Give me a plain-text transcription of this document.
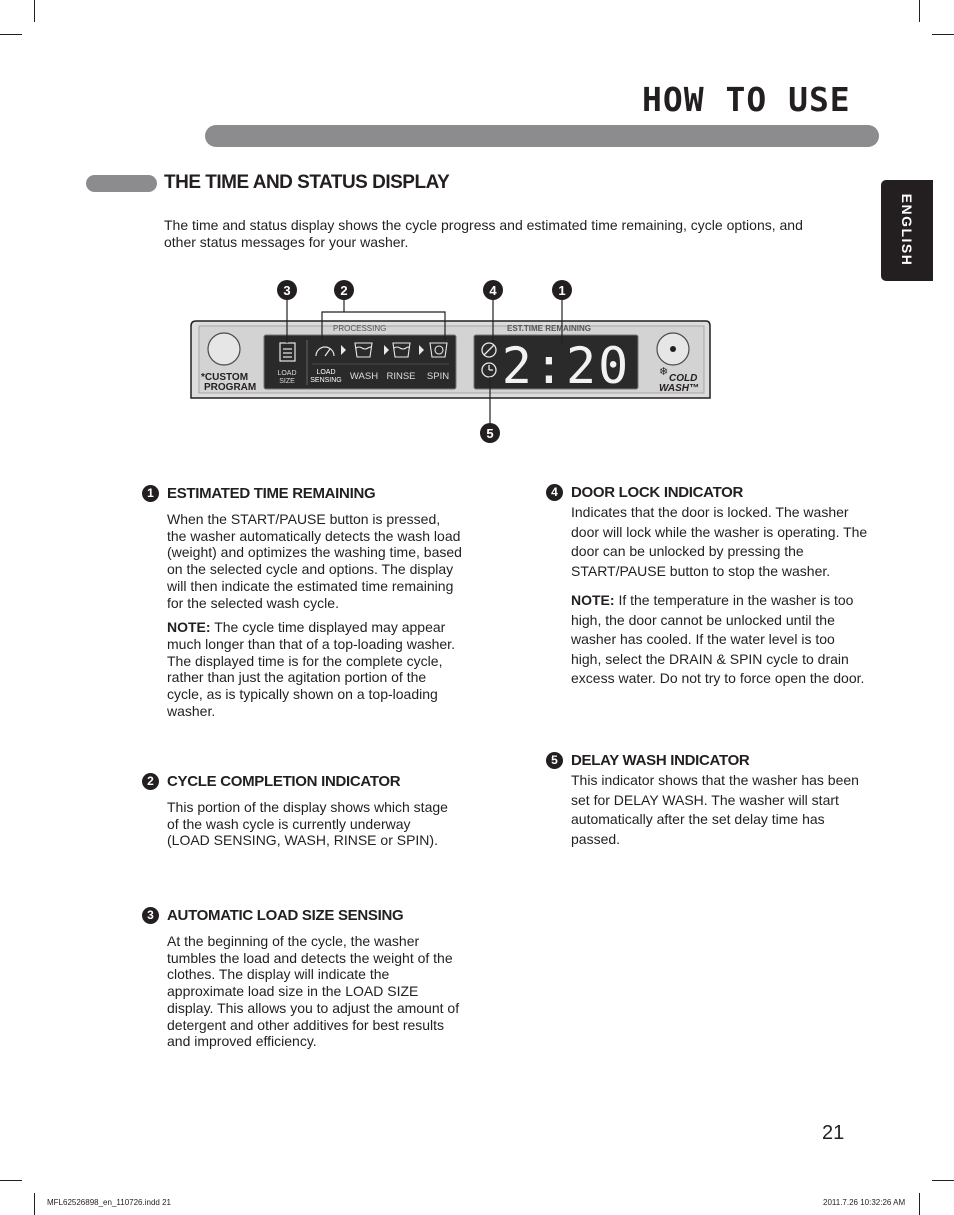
HOW TO USE
ENGLISH
THE TIME AND STATUS DISPLAY
The time and status display shows the cycle progress and estimated time remaining, cycle options, and other status messages for your washer.
*CUSTOM
PROGRAM
PROCESSING	EST.TIME REMAINING
LOAD
SIZE
LOAD
SENSING WASH RINSE SPIN 2:20	❄
COLD
WASH™
3	2	4	1
5
1 ESTIMATED TIME REMAINING
When the START/PAUSE button is pressed, the washer automatically detects the wash load (weight) and optimizes the washing time, based on the selected cycle and options. The display will then indicate the estimated time remaining for the selected wash cycle.
NOTE: The cycle time displayed may appear much longer than that of a top-loading washer. The displayed time is for the complete cycle, rather than just the agitation portion of the cycle, as is typically shown on a top-loading washer.
2 CYCLE COMPLETION INDICATOR
This portion of the display shows which stage of the wash cycle is currently underway (LOAD SENSING, WASH, RINSE or SPIN).
3 AUTOMATIC LOAD SIZE SENSING
At the beginning of the cycle, the washer tumbles the load and detects the weight of the clothes. The display will indicate the approximate load size in the LOAD SIZE display. This allows you to adjust the amount of detergent and other additives for best results and improved efficiency.
4 DOOR LOCK INDICATOR
Indicates that the door is locked. The washer door will lock while the washer is operating. The door can be unlocked by pressing the START/PAUSE button to stop the washer.
NOTE: If the temperature in the washer is too high, the door cannot be unlocked until the washer has cooled. If the water level is too high, select the DRAIN & SPIN cycle to drain excess water. Do not try to force open the door.
5 DELAY WASH INDICATOR
This indicator shows that the washer has been set for DELAY WASH. The washer will start automatically after the set delay time has passed.
21
MFL62526898_en_110726.indd 21	2011.7.26 10:32:26 AM
